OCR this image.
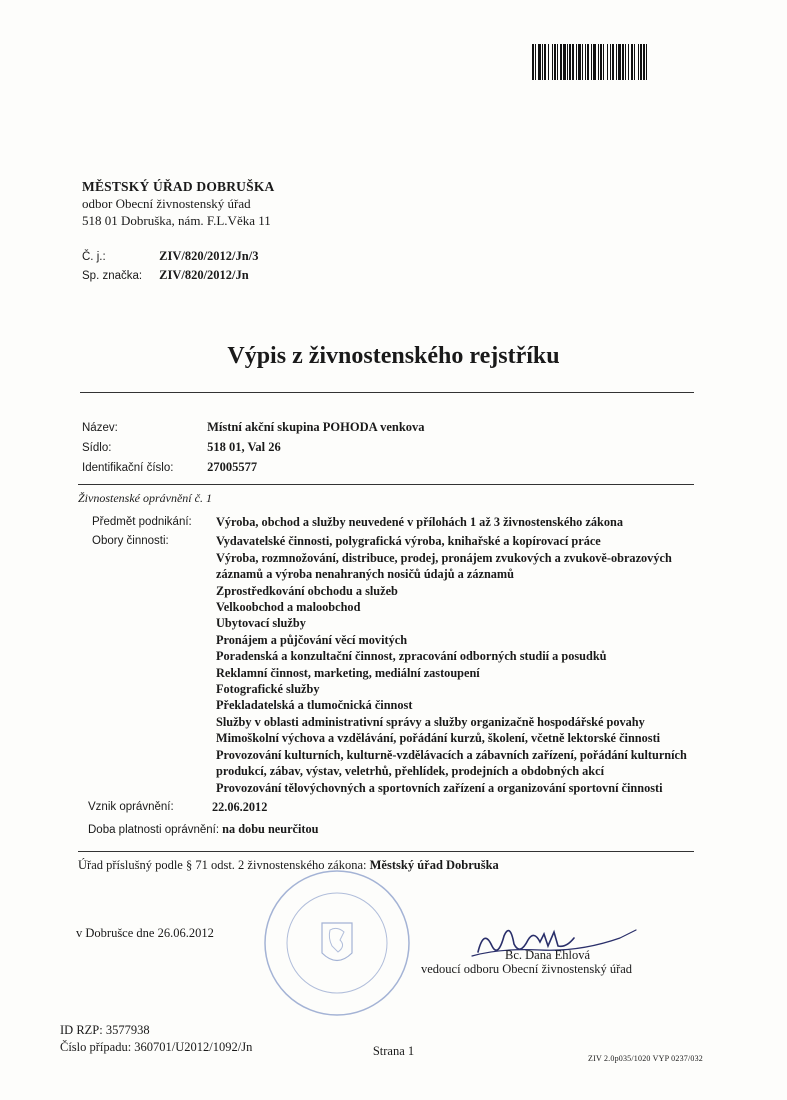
MĚSTSKÝ ÚŘAD DOBRUŠKA
odbor Obecní živnostenský úřad
518 01 Dobruška, nám. F.L.Věka 11
Č. j.:	ZIV/820/2012/Jn/3
Sp. značka: ZIV/820/2012/Jn
Výpis z živnostenského rejstříku
Název:	Místní akční skupina POHODA venkova
Sídlo:	518 01, Val 26
Identifikační číslo:	27005577
Živnostenské oprávnění č. 1
Předmět podnikání:	Výroba, obchod a služby neuvedené v přílohách 1 až 3 živnostenského zákona
Obory činnosti:	Vydavatelské činnosti, polygrafická výroba, knihařské a kopírovací práce

Výroba, rozmnožování, distribuce, prodej, pronájem zvukových a zvukově-obrazových záznamů a výroba nenahraných nosičů údajů a záznamů

Zprostředkování obchodu a služeb

Velkoobchod a maloobchod

Ubytovací služby

Pronájem a půjčování věcí movitých

Poradenská a konzultační činnost, zpracování odborných studií a posudků

Reklamní činnost, marketing, mediální zastoupení

Fotografické služby

Překladatelská a tlumočnická činnost

Služby v oblasti administrativní správy a služby organizačně hospodářské povahy

Mimoškolní výchova a vzdělávání, pořádání kurzů, školení, včetně lektorské činnosti

Provozování kulturních, kulturně-vzdělávacích a zábavních zařízení, pořádání kulturních produkcí, zábav, výstav, veletrhů, přehlídek, prodejních a obdobných akcí

Provozování tělovýchovných a sportovních zařízení a organizování sportovní činnosti

Vznik oprávnění:	22.06.2012
Doba platnosti oprávnění: na dobu neurčitou
Úřad příslušný podle § 71 odst. 2 živnostenského zákona: Městský úřad Dobruška
v Dobrušce dne 26.06.2012
Bc. Dana Ehlová
vedoucí odboru Obecní živnostenský úřad
ID RZP: 3577938
Číslo případu: 360701/U2012/1092/Jn	Strana 1
ZIV 2.0p035/1020 VYP 0237/032
